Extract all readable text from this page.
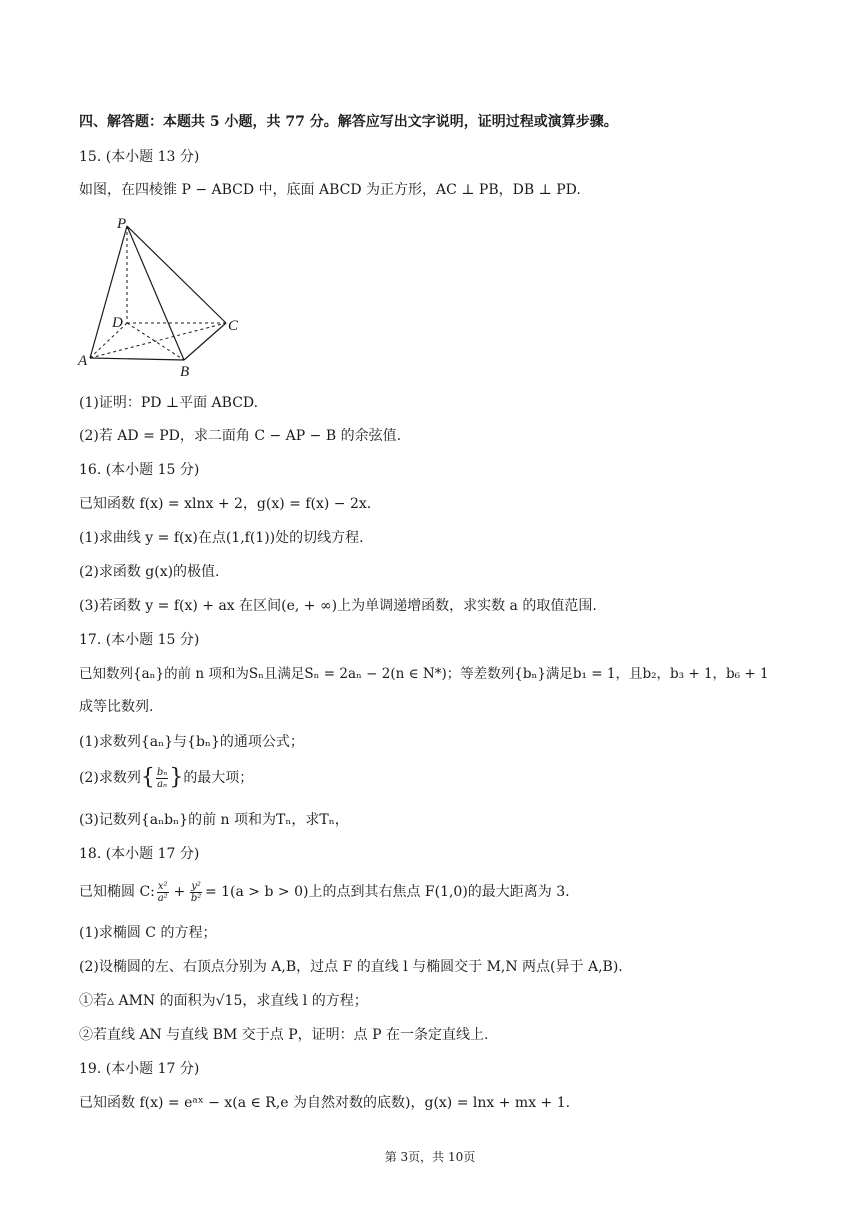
四、解答题：本题共 5 小题，共 77 分。解答应写出文字说明，证明过程或演算步骤。
15. (本小题 13 分)
如图，在四棱锥 P − ABCD 中，底面 ABCD 为正方形，AC ⊥ PB，DB ⊥ PD.
P
D	C
A
B
(1)证明：PD ⊥平面 ABCD.
(2)若 AD = PD，求二面角 C − AP − B 的余弦值.
16. (本小题 15 分)
已知函数 f(x) = xlnx + 2，g(x) = f(x) − 2x.
(1)求曲线 y = f(x)在点(1,f(1))处的切线方程.
(2)求函数 g(x)的极值.
(3)若函数 y = f(x) + ax 在区间(e, + ∞)上为单调递增函数，求实数 a 的取值范围.
17. (本小题 15 分)
已知数列{aₙ}的前 n 项和为Sₙ且满足Sₙ = 2aₙ − 2(n ∈ N*)；等差数列{bₙ}满足b₁ = 1，且b₂，b₃ + 1，b₆ + 1
成等比数列.
(1)求数列{aₙ}与{bₙ}的通项公式；
(2)求数列 { $\frac{\text{bₙ}}{\text{aₙ}}$ } 的最大项；
(3)记数列{aₙbₙ}的前 n 项和为Tₙ，求Tₙ，
18. (本小题 17 分)
已知椭圆 C: $\frac{\text{x²}}{\text{a²}} + \frac{\text{y²}}{\text{b²}} = 1(a > b > 0)$上的点到其右焦点 F(1,0)的最大距离为 3.
(1)求椭圆 C 的方程；
(2)设椭圆的左、右顶点分别为 A,B，过点 F 的直线 l 与椭圆交于 M,N 两点(异于 A,B).
①若▵ AMN 的面积为√15，求直线 l 的方程；
②若直线 AN 与直线 BM 交于点 P，证明：点 P 在一条定直线上.
19. (本小题 17 分)
已知函数 f(x) = eᵃˣ − x(a ∈ R,e 为自然对数的底数)，g(x) = lnx + mx + 1.
第 3页，共 10页
